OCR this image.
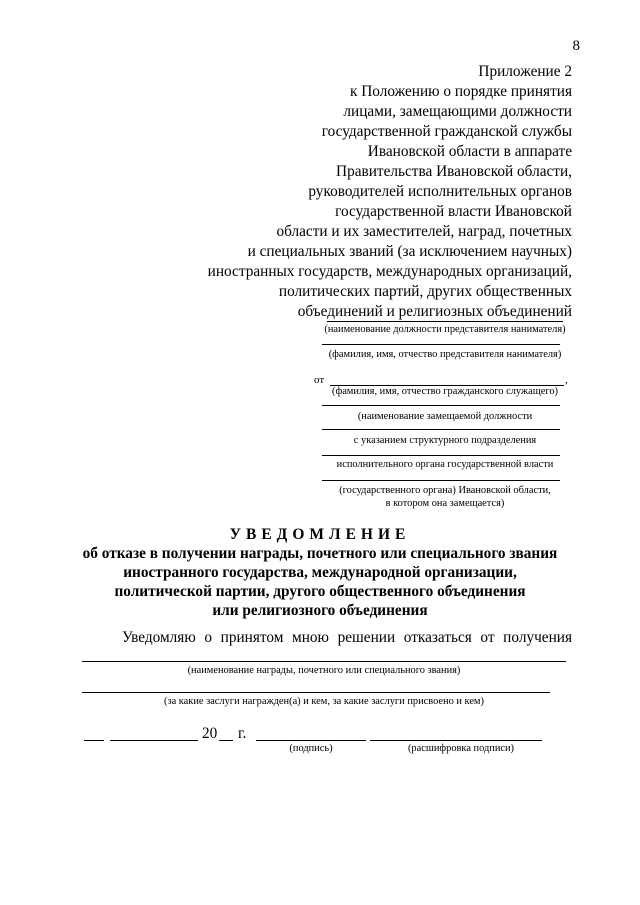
8
Приложение 2
к Положению о порядке принятия
лицами, замещающими должности
государственной гражданской службы
Ивановской области в аппарате
Правительства Ивановской области,
руководителей исполнительных органов
государственной власти Ивановской
области и их заместителей, наград, почетных
и специальных званий (за исключением научных)
иностранных государств, международных организаций,
политических партий, других общественных
объединений и религиозных объединений
(наименование должности представителя нанимателя)
(фамилия, имя, отчество представителя нанимателя)
от	,
(фамилия, имя, отчество гражданского служащего)
(наименование замещаемой должности
с указанием структурного подразделения
исполнительного органа государственной власти
(государственного органа) Ивановской области,
в котором она замещается)
УВЕДОМЛЕНИЕ
об отказе в получении награды, почетного или специального звания
иностранного государства, международной организации,
политической партии, другого общественного объединения
или религиозного объединения
Уведомляю о принятом мною решении отказаться от получения
(наименование награды, почетного или специального звания)
(за какие заслуги награжден(а) и кем, за какие заслуги присвоено и кем)
20 г.
(подпись)	(расшифровка подписи)
